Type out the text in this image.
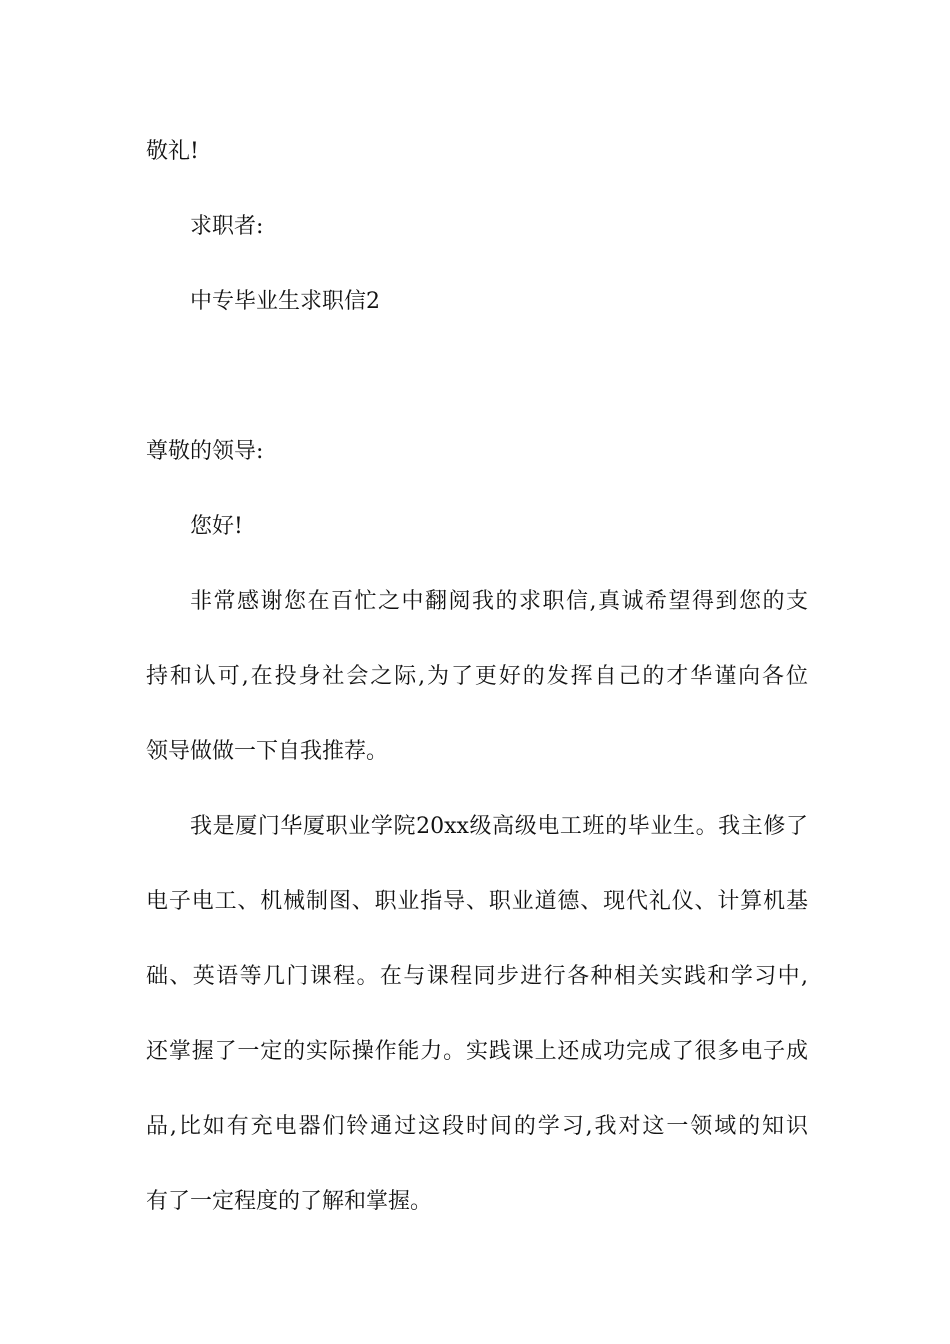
敬礼!
求职者:
中专毕业生求职信2
尊敬的领导:
您好!
非常感谢您在百忙之中翻阅我的求职信,真诚希望得到您的支
持和认可,在投身社会之际,为了更好的发挥自己的才华谨向各位
领导做做一下自我推荐。
我是厦门华厦职业学院20xx级高级电工班的毕业生。我主修了
电子电工、机械制图、职业指导、职业道德、现代礼仪、计算机基
础、英语等几门课程。在与课程同步进行各种相关实践和学习中,
还掌握了一定的实际操作能力。实践课上还成功完成了很多电子成
品,比如有充电器们铃通过这段时间的学习,我对这一领域的知识
有了一定程度的了解和掌握。
